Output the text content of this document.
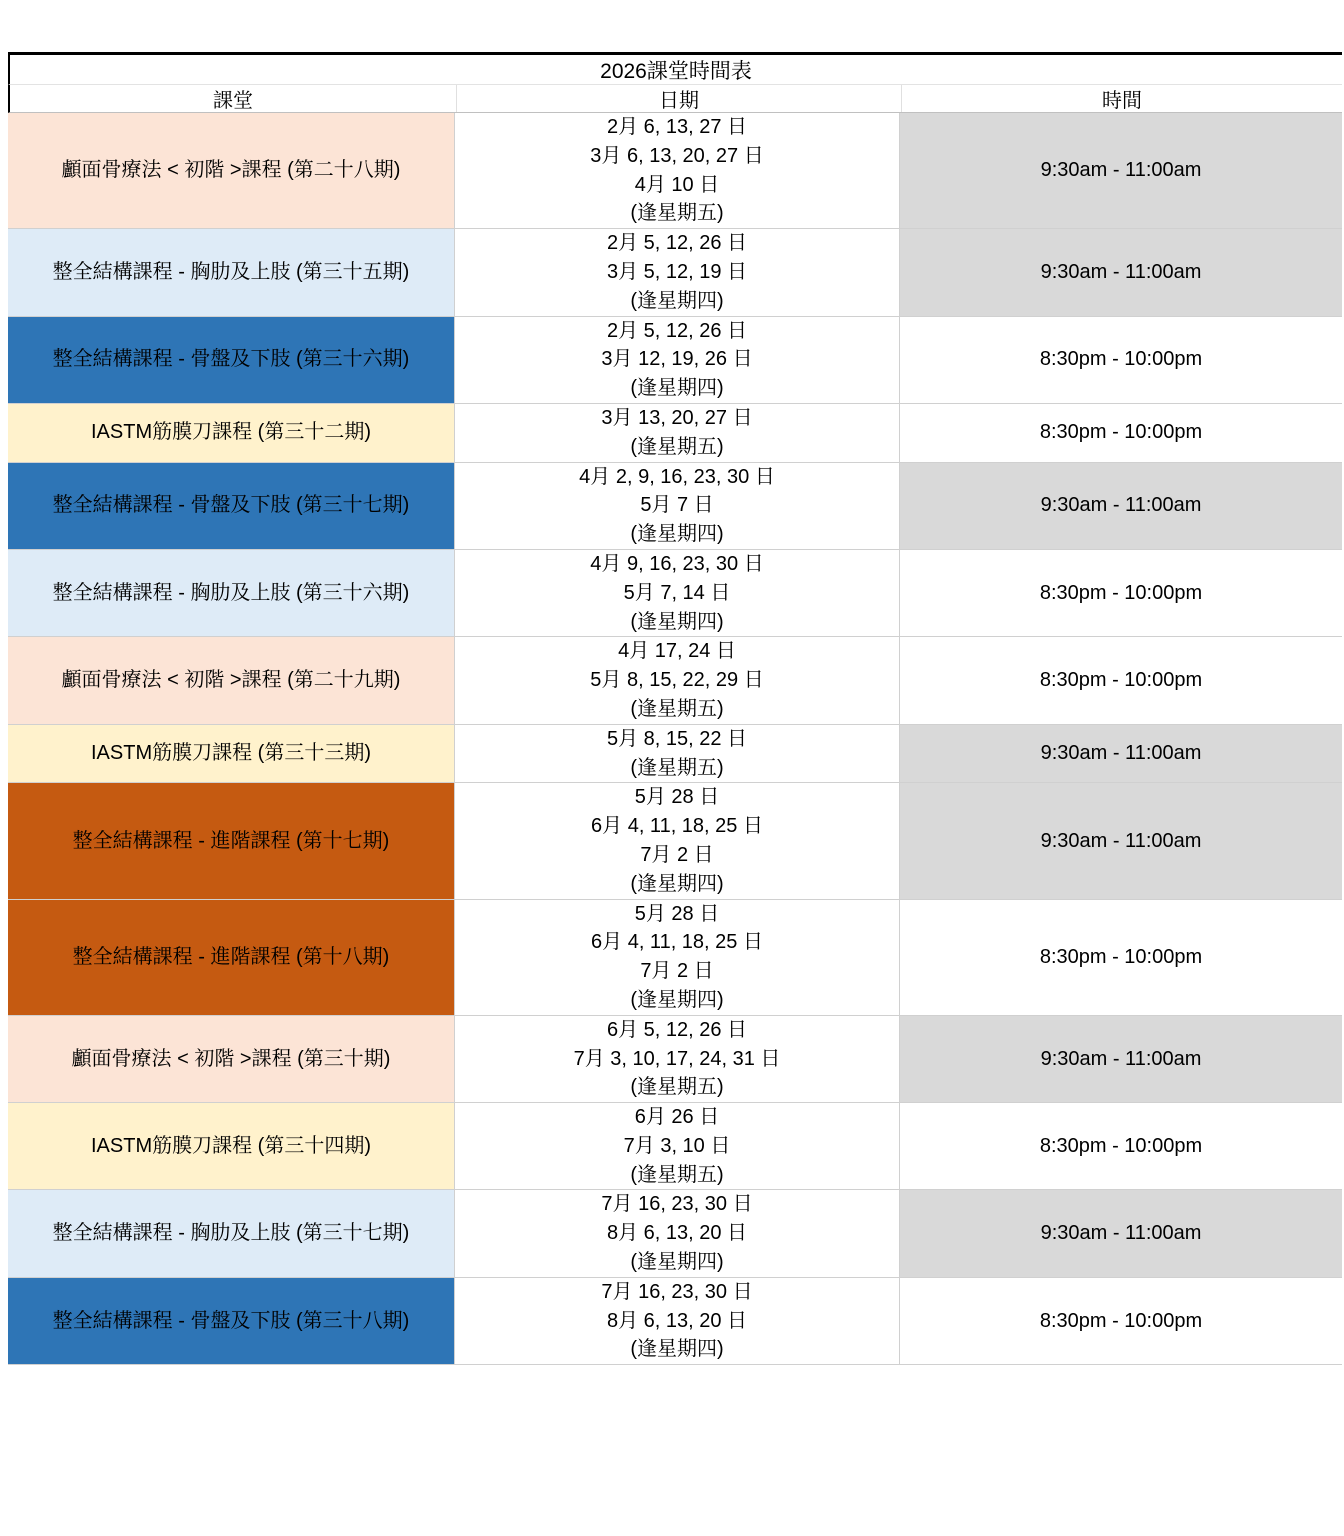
2026課堂時間表
課堂	日期	時間
顱面骨療法 < 初階 >課程 (第二十八期)
2月 6, 13, 27 日
3月 6, 13, 20, 27 日
4月 10 日
(逢星期五)
9:30am - 11:00am
整全結構課程 - 胸肋及上肢 (第三十五期)
2月 5, 12, 26 日
3月 5, 12, 19 日
(逢星期四)
9:30am - 11:00am
整全結構課程 - 骨盤及下肢 (第三十六期)
2月 5, 12, 26 日
3月 12, 19, 26 日
(逢星期四)
8:30pm - 10:00pm
IASTM筋膜刀課程 (第三十二期)
3月 13, 20, 27 日
(逢星期五)
8:30pm - 10:00pm
整全結構課程 - 骨盤及下肢 (第三十七期)
4月 2, 9, 16, 23, 30 日
5月 7 日
(逢星期四)
9:30am - 11:00am
整全結構課程 - 胸肋及上肢 (第三十六期)
4月 9, 16, 23, 30 日
5月 7, 14 日
(逢星期四)
8:30pm - 10:00pm
顱面骨療法 < 初階 >課程 (第二十九期)
4月 17, 24 日
5月 8, 15, 22, 29 日
(逢星期五)
8:30pm - 10:00pm
IASTM筋膜刀課程 (第三十三期)
5月 8, 15, 22 日
(逢星期五)
9:30am - 11:00am
整全結構課程 - 進階課程 (第十七期)
5月 28 日
6月 4, 11, 18, 25 日
7月 2 日
(逢星期四)
9:30am - 11:00am
整全結構課程 - 進階課程 (第十八期)
5月 28 日
6月 4, 11, 18, 25 日
7月 2 日
(逢星期四)
8:30pm - 10:00pm
顱面骨療法 < 初階 >課程 (第三十期)
6月 5, 12, 26 日
7月 3, 10, 17, 24, 31 日
(逢星期五)
9:30am - 11:00am
IASTM筋膜刀課程 (第三十四期)
6月 26 日
7月 3, 10 日
(逢星期五)
8:30pm - 10:00pm
整全結構課程 - 胸肋及上肢 (第三十七期)
7月 16, 23, 30 日
8月 6, 13, 20 日
(逢星期四)
9:30am - 11:00am
整全結構課程 - 骨盤及下肢 (第三十八期)
7月 16, 23, 30 日
8月 6, 13, 20 日
(逢星期四)
8:30pm - 10:00pm
